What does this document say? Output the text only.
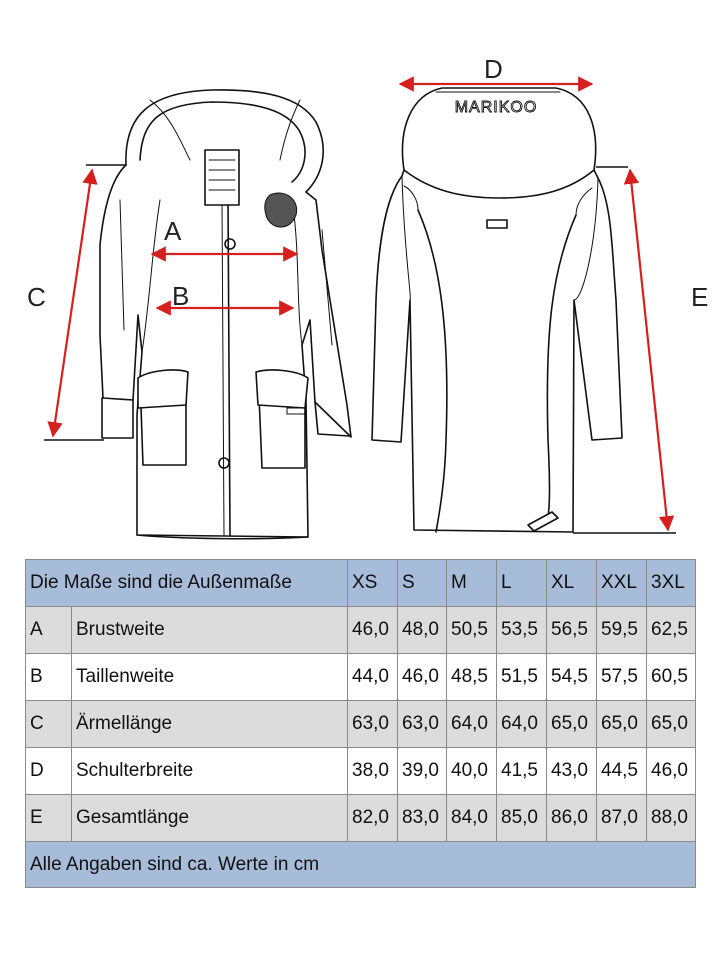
MARIKOO
A
B
C
D
E
Die Maße sind die Außenmaße		XS	S	M	L	XL	XXL	3XL
A	Brustweite	46,0	48,0	50,5	53,5	56,5	59,5	62,5
B	Taillenweite	44,0	46,0	48,5	51,5	54,5	57,5	60,5
C	Ärmellänge	63,0	63,0	64,0	64,0	65,0	65,0	65,0
D	Schulterbreite	38,0	39,0	40,0	41,5	43,0	44,5	46,0
E	Gesamtlänge	82,0	83,0	84,0	85,0	86,0	87,0	88,0
Alle Angaben sind ca. Werte in cm								
